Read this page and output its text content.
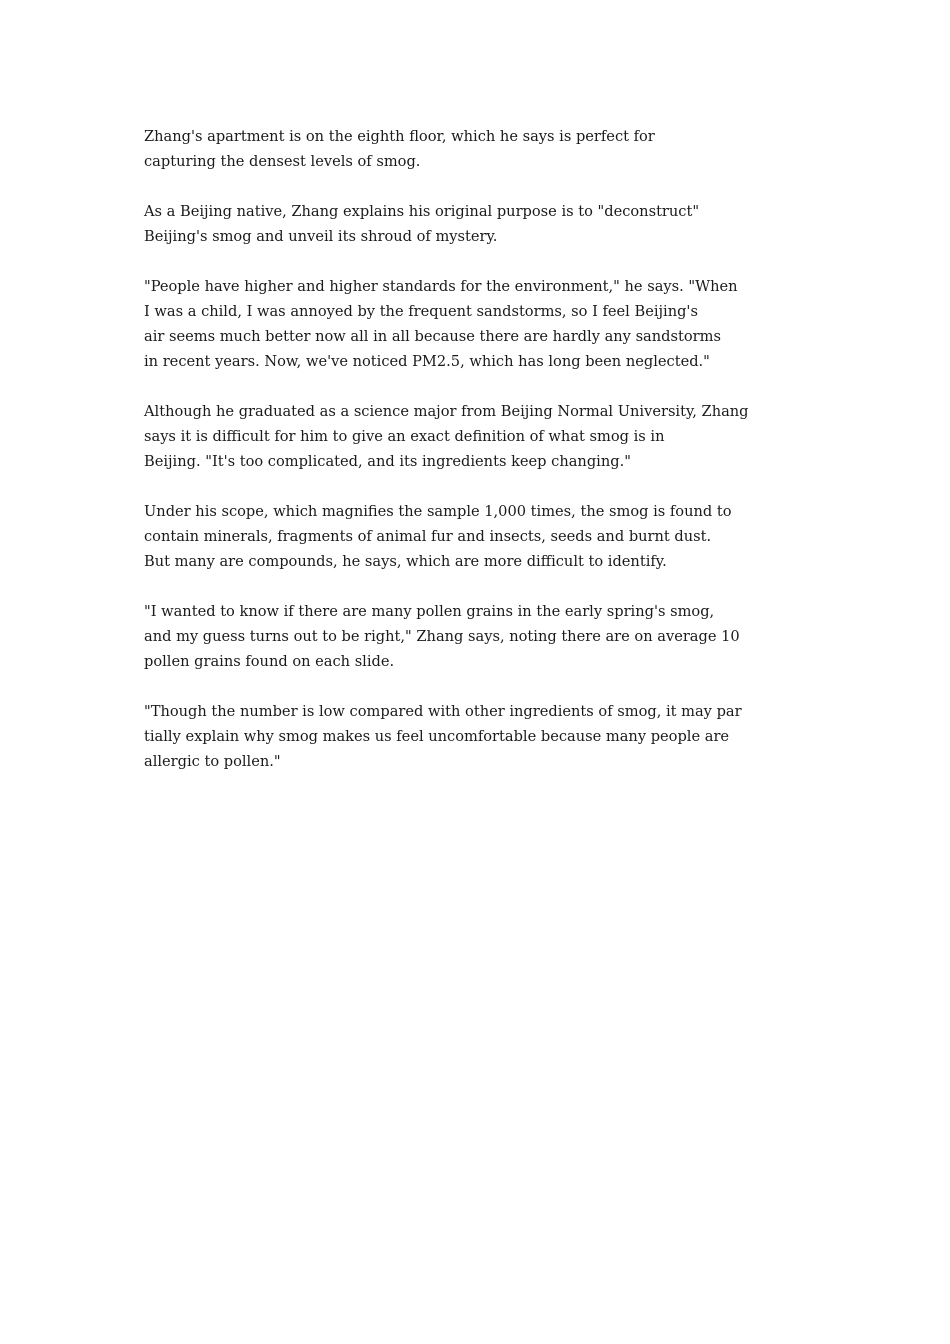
Zhang's apartment is on the eighth floor, which he says is perfect for
capturing the densest levels of smog.

As a Beijing native, Zhang explains his original purpose is to "deconstruct"
Beijing's smog and unveil its shroud of mystery.

"People have higher and higher standards for the environment," he says. "When
I was a child, I was annoyed by the frequent sandstorms, so I feel Beijing's
air seems much better now all in all because there are hardly any sandstorms
in recent years. Now, we've noticed PM2.5, which has long been neglected."

Although he graduated as a science major from Beijing Normal University, Zhang
says it is difficult for him to give an exact definition of what smog is in
Beijing. "It's too complicated, and its ingredients keep changing."

Under his scope, which magnifies the sample 1,000 times, the smog is found to
contain minerals, fragments of animal fur and insects, seeds and burnt dust.
But many are compounds, he says, which are more difficult to identify.

"I wanted to know if there are many pollen grains in the early spring's smog,
and my guess turns out to be right," Zhang says, noting there are on average 10
pollen grains found on each slide.

"Though the number is low compared with other ingredients of smog, it may par
tially explain why smog makes us feel uncomfortable because many people are
allergic to pollen."
